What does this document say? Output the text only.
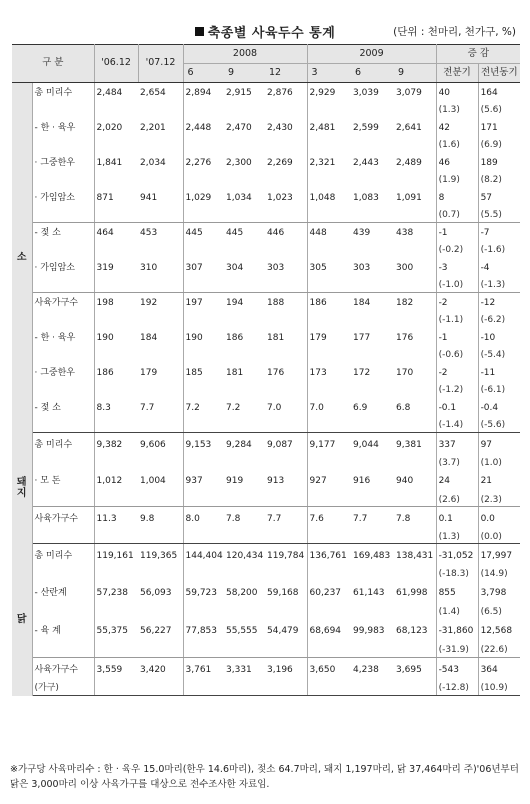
축종별 사육두수 통계	(단위 : 천마리, 천가구, %)
구 분		'06.12	'07.12	2008			2009			증 감	
				6	9	12	3	6	9	전분기	전년동기
소	총 미리수	2,484	2,654	2,894	2,915	2,876	2,929	3,039	3,079	40	164
										(1.3)	(5.6)
	- 한 · 육우	2,020	2,201	2,448	2,470	2,430	2,481	2,599	2,641	42	171
										(1.6)	(6.9)
	· 그중한우	1,841	2,034	2,276	2,300	2,269	2,321	2,443	2,489	46	189
										(1.9)	(8.2)
	· 가임암소	871	941	1,029	1,034	1,023	1,048	1,083	1,091	8	57
										(0.7)	(5.5)
	- 젖 소	464	453	445	445	446	448	439	438	-1	-7
										(-0.2)	(-1.6)
	· 가임암소	319	310	307	304	303	305	303	300	-3	-4
										(-1.0)	(-1.3)
	사육가구수	198	192	197	194	188	186	184	182	-2	-12
										(-1.1)	(-6.2)
	- 한 · 육우	190	184	190	186	181	179	177	176	-1	-10
										(-0.6)	(-5.4)
	· 그중한우	186	179	185	181	176	173	172	170	-2	-11
										(-1.2)	(-6.1)
	- 젖 소	8.3	7.7	7.2	7.2	7.0	7.0	6.9	6.8	-0.1	-0.4
										(-1.4)	(-5.6)
돼 지	총 미리수	9,382	9,606	9,153	9,284	9,087	9,177	9,044	9,381	337	97
										(3.7)	(1.0)
	· 모 돈	1,012	1,004	937	919	913	927	916	940	24	21
										(2.6)	(2.3)
	사육가구수	11.3	9.8	8.0	7.8	7.7	7.6	7.7	7.8	0.1	0.0
										(1.3)	(0.0)
닭	총 미리수	119,161	119,365	144,404	120,434	119,784	136,761	169,483	138,431	-31,052	17,997
										(-18.3)	(14.9)
	- 산란계	57,238	56,093	59,723	58,200	59,168	60,237	61,143	61,998	855	3,798
										(1.4)	(6.5)
	- 육 계	55,375	56,227	77,853	55,555	54,479	68,694	99,983	68,123	-31,860	12,568
										(-31.9)	(22.6)
	사육가구수	3,559	3,420	3,761	3,331	3,196	3,650	4,238	3,695	-543	364
	(가구)									(-12.8)	(10.9)
※가구당 사육마리수 : 한 · 육우 15.0마리(한우 14.6마리), 젖소 64.7마리, 돼지 1,197마리, 닭 37,464마리 주)'06년부터 닭은 3,000마리 이상 사육가구를 대상으로 전수조사한 자료임.
